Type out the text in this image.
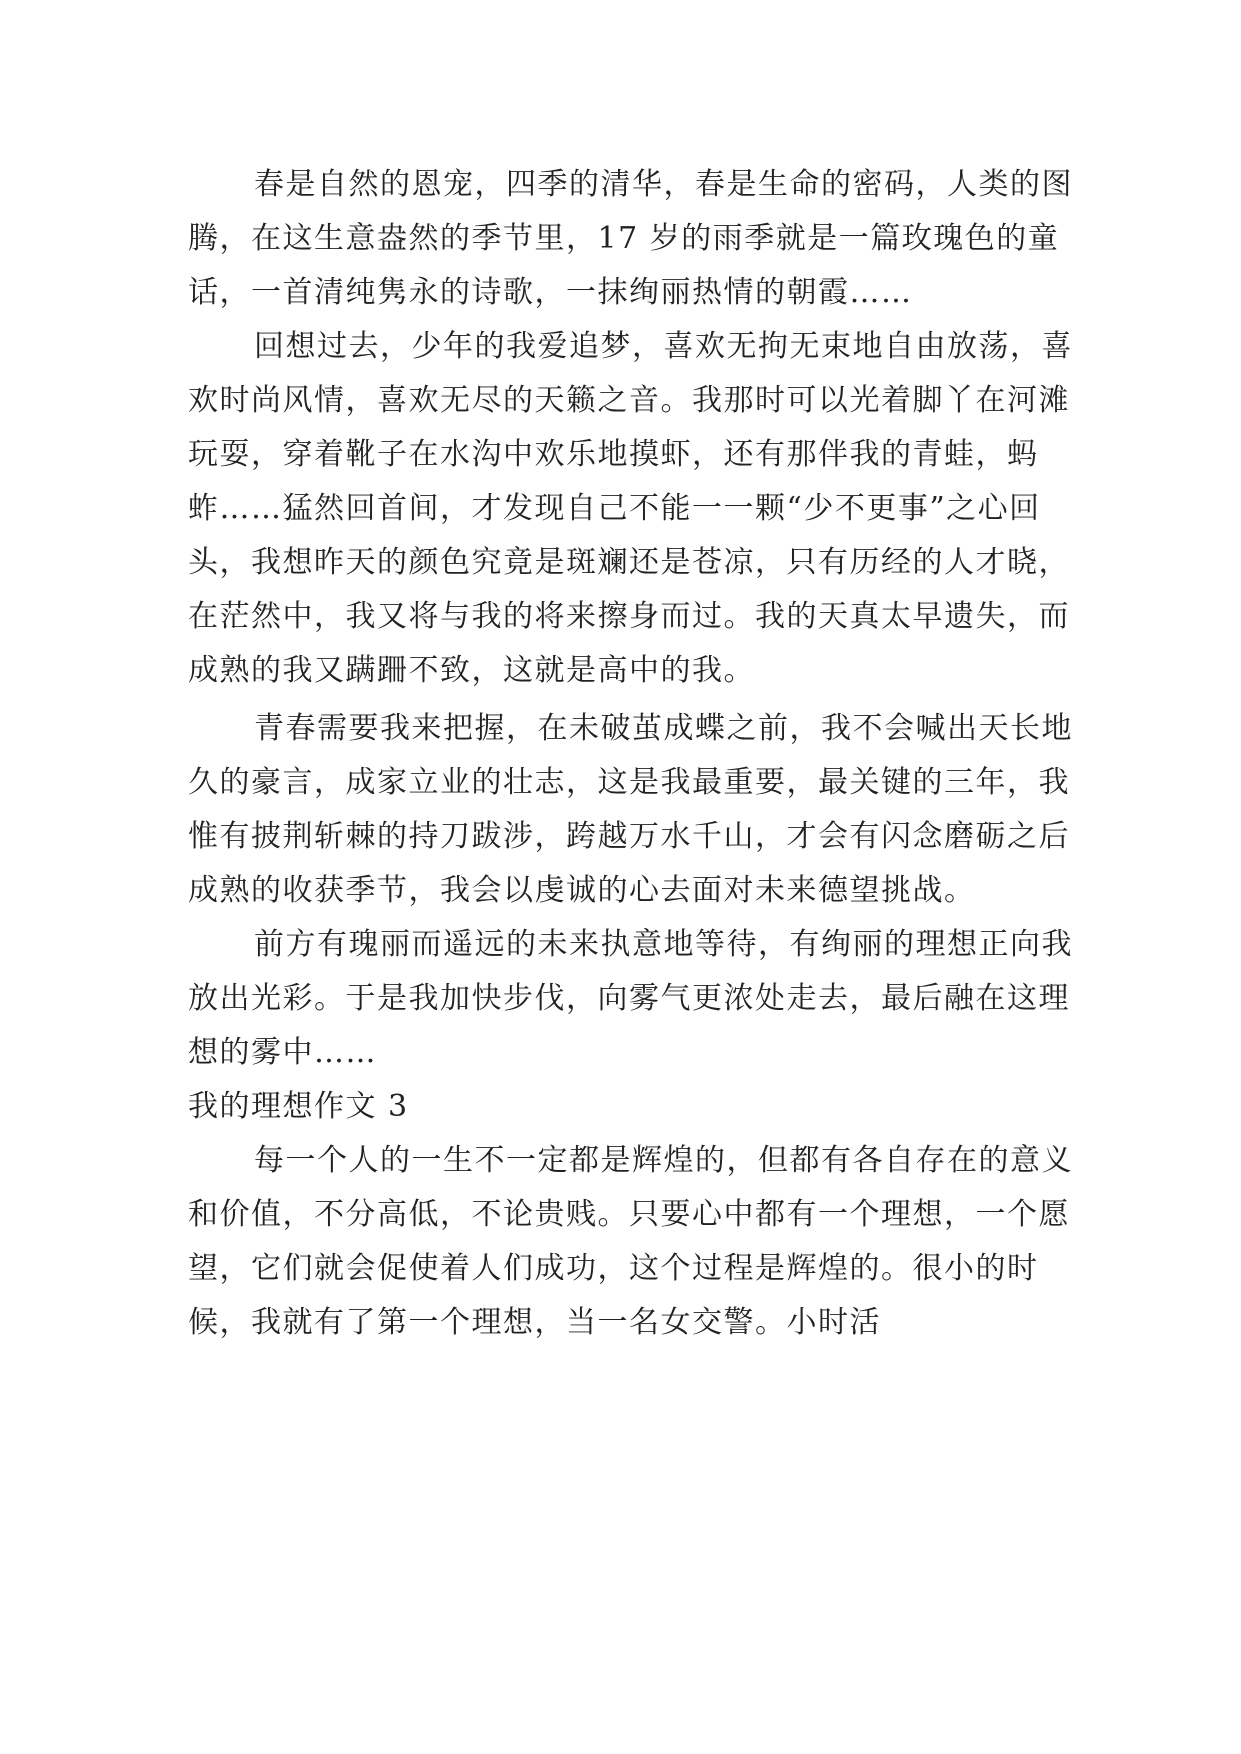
春是自然的恩宠，四季的清华，春是生命的密码，人类的图腾，在这生意盎然的季节里，17 岁的雨季就是一篇玫瑰色的童话，一首清纯隽永的诗歌，一抹绚丽热情的朝霞……

回想过去，少年的我爱追梦，喜欢无拘无束地自由放荡，喜欢时尚风情，喜欢无尽的天籁之音。我那时可以光着脚丫在河滩玩耍，穿着靴子在水沟中欢乐地摸虾，还有那伴我的青蛙，蚂蚱……猛然回首间，才发现自己不能一一颗“少不更事”之心回头，我想昨天的颜色究竟是斑斓还是苍凉，只有历经的人才晓，在茫然中，我又将与我的将来擦身而过。我的天真太早遗失，而成熟的我又蹒跚不致，这就是高中的我。

青春需要我来把握，在未破茧成蝶之前，我不会喊出天长地久的豪言，成家立业的壮志，这是我最重要，最关键的三年，我惟有披荆斩棘的持刀跋涉，跨越万水千山，才会有闪念磨砺之后成熟的收获季节，我会以虔诚的心去面对未来德望挑战。

前方有瑰丽而遥远的未来执意地等待，有绚丽的理想正向我放出光彩。于是我加快步伐，向雾气更浓处走去，最后融在这理想的雾中……

我的理想作文 3

每一个人的一生不一定都是辉煌的，但都有各自存在的意义和价值，不分高低，不论贵贱。只要心中都有一个理想，一个愿望，它们就会促使着人们成功，这个过程是辉煌的。很小的时候，我就有了第一个理想，当一名女交警。小时活
